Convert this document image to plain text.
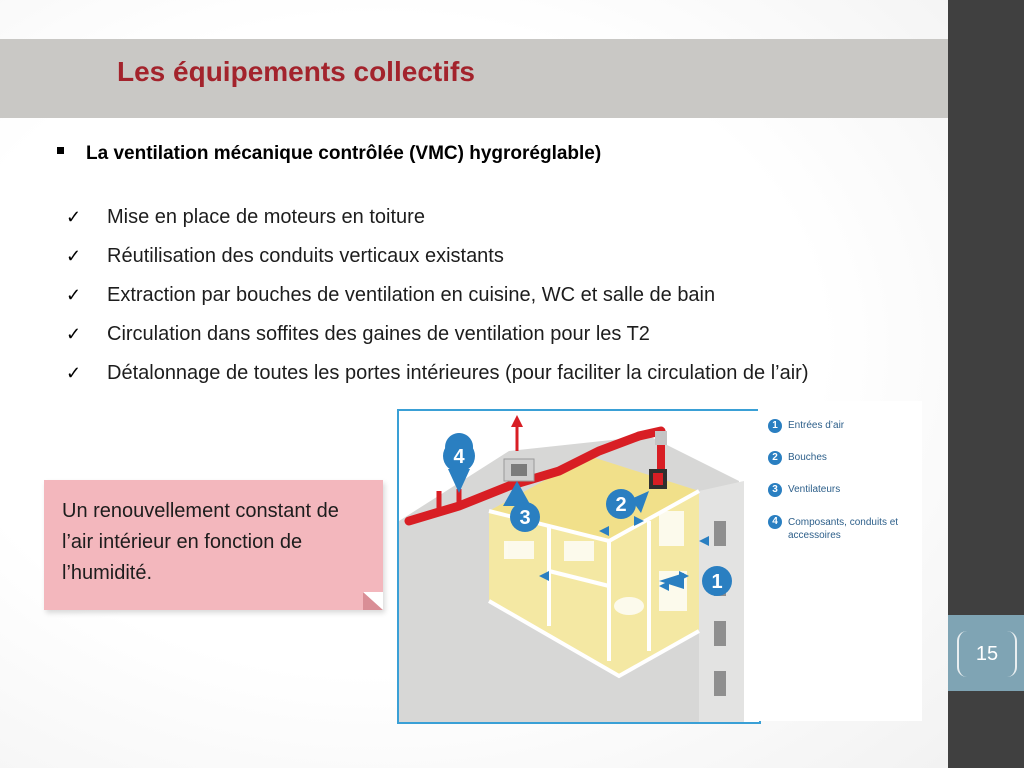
15
Les équipements collectifs
La ventilation mécanique contrôlée (VMC) hygroréglable)
✓ Mise en place de moteurs en toiture
✓ Réutilisation des conduits verticaux existants
✓ Extraction par bouches de ventilation en cuisine, WC et salle de bain
✓ Circulation dans soffites des gaines de ventilation pour les T2
✓ Détalonnage de toutes les portes intérieures (pour faciliter la circulation de l’air)
Un renouvellement constant de l’air intérieur en fonction de l’humidité.
4
3
2
1
1	Entrées d’air
2	Bouches
3	Ventilateurs
4	Composants, conduits et accessoires
